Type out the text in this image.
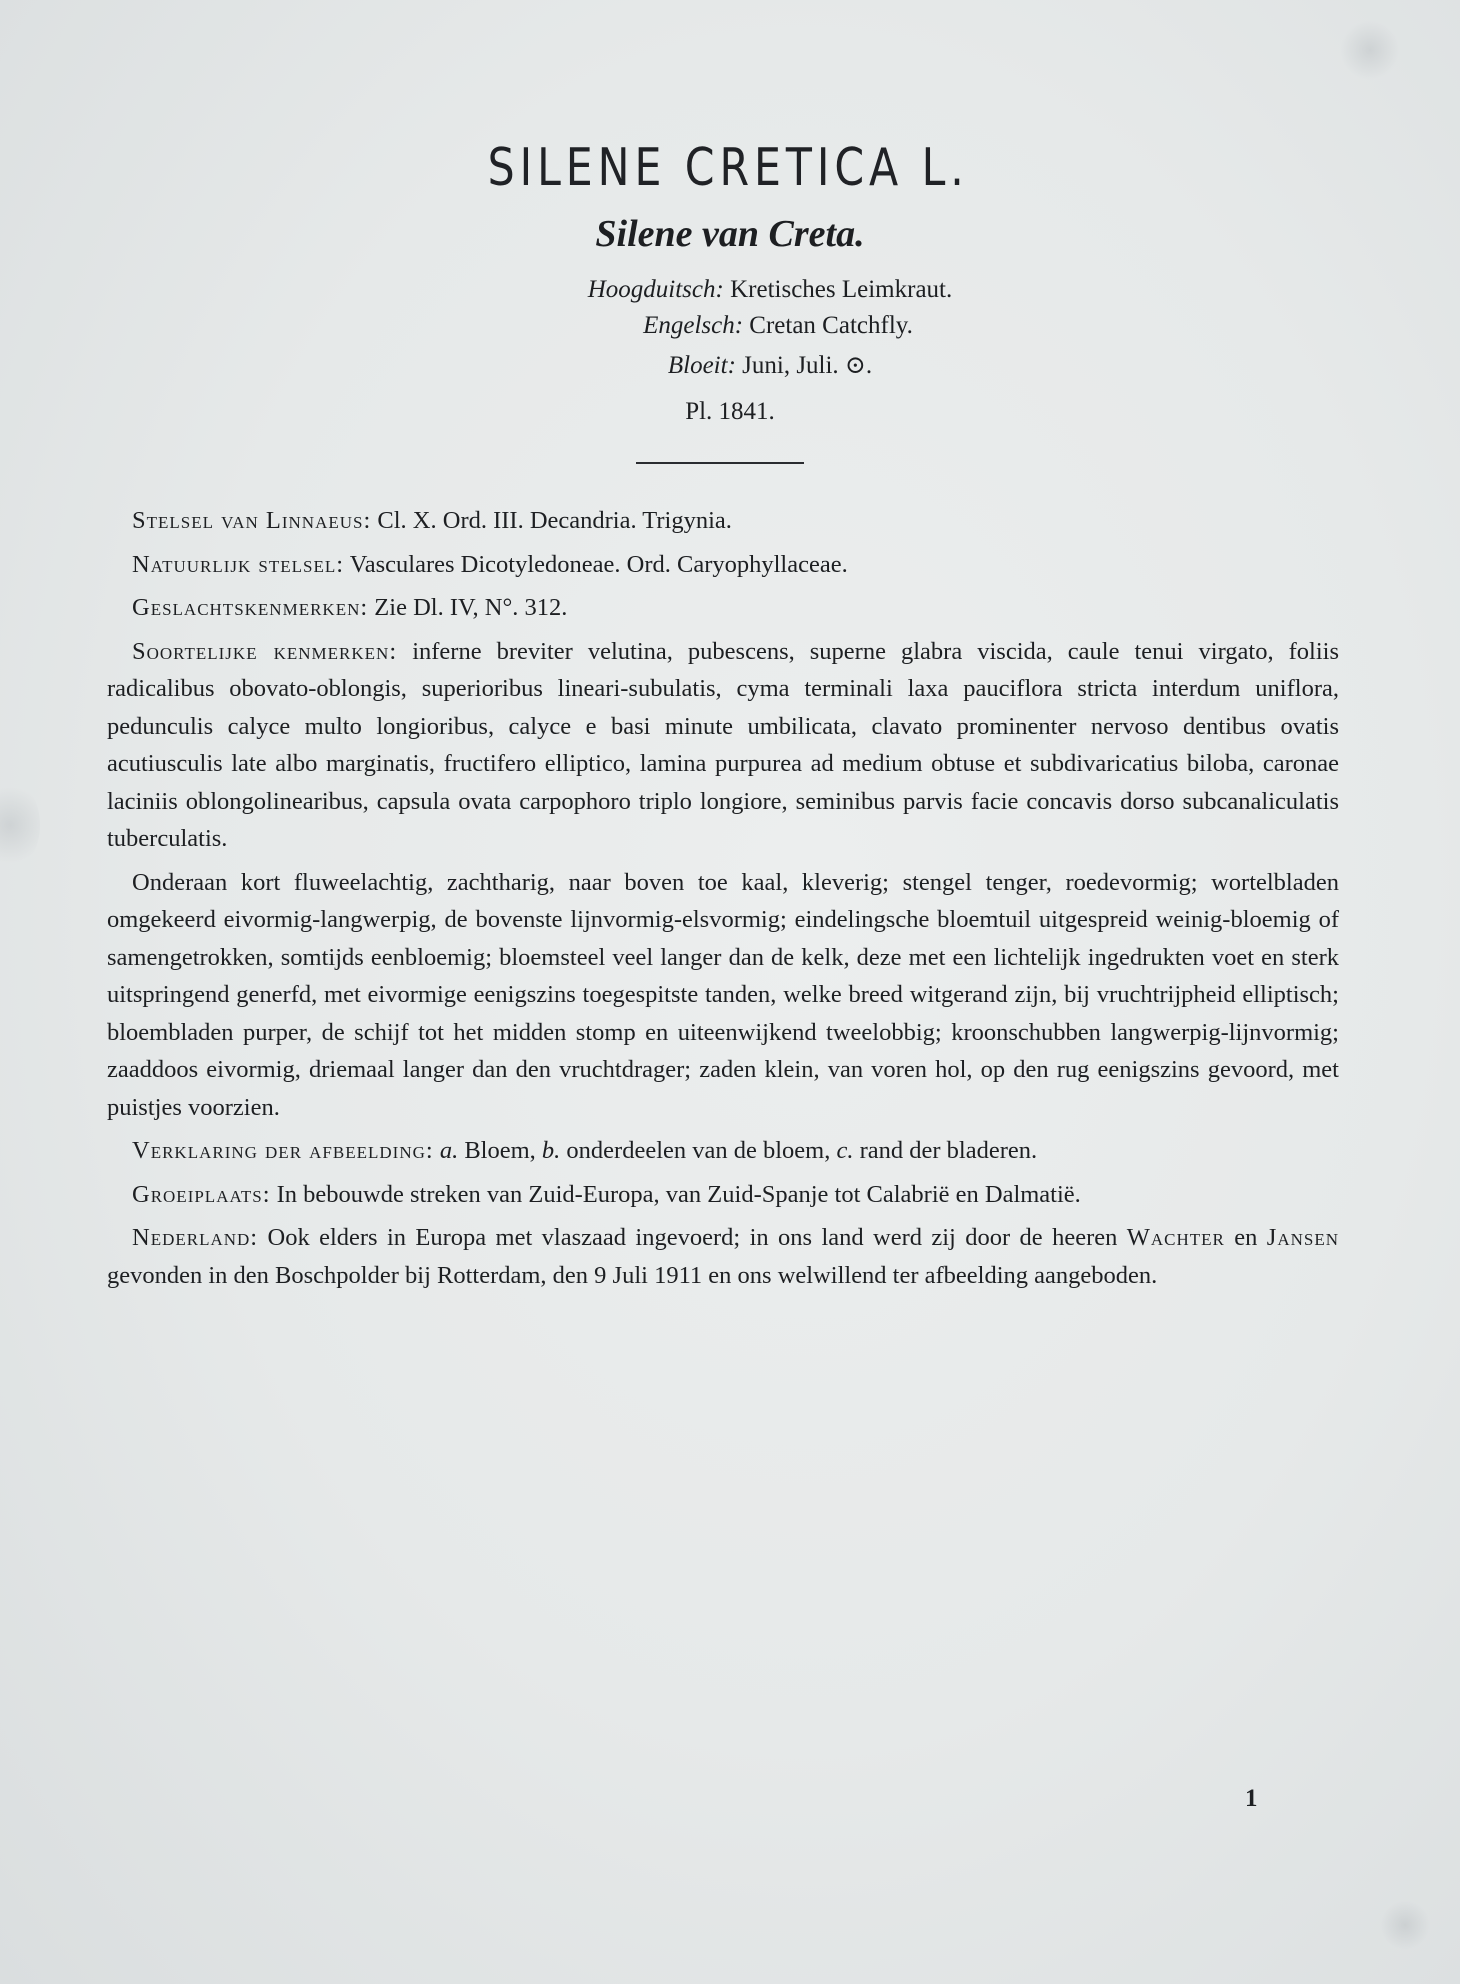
SILENE CRETICA L.
Silene van Creta.
Hoogduitsch: Kretisches Leimkraut.
Engelsch: Cretan Catchfly.
Bloeit: Juni, Juli. ⊙.
Pl. 1841.

Stelsel van Linnaeus: Cl. X. Ord. III. Decandria. Trigynia.

Natuurlijk stelsel: Vasculares Dicotyledoneae. Ord. Caryophyllaceae.

Geslachtskenmerken: Zie Dl. IV, N°. 312.

Soortelijke kenmerken: inferne breviter velutina, pubescens, superne glabra viscida, caule tenui virgato, foliis radicalibus obovato-oblongis, superioribus lineari-subulatis, cyma terminali laxa pauciflora stricta interdum uniflora, pedunculis calyce multo longioribus, calyce e basi minute umbilicata, clavato prominenter nervoso dentibus ovatis acutiusculis late albo marginatis, fructifero elliptico, lamina purpurea ad medium obtuse et subdivaricatius biloba, caronae laciniis oblongolinearibus, capsula ovata carpophoro triplo longiore, seminibus parvis facie concavis dorso subcanaliculatis tuberculatis.

Onderaan kort fluweelachtig, zachtharig, naar boven toe kaal, kleverig; stengel tenger, roedevormig; wortelbladen omgekeerd eivormig-langwerpig, de bovenste lijnvormig-elsvormig; eindelingsche bloemtuil uitgespreid weinig-bloemig of samengetrokken, somtijds eenbloemig; bloemsteel veel langer dan de kelk, deze met een lichtelijk ingedrukten voet en sterk uitspringend generfd, met eivormige eenigszins toegespitste tanden, welke breed witgerand zijn, bij vruchtrijpheid elliptisch; bloembladen purper, de schijf tot het midden stomp en uiteenwijkend tweelobbig; kroonschubben langwerpig-lijnvormig; zaaddoos eivormig, driemaal langer dan den vruchtdrager; zaden klein, van voren hol, op den rug eenigszins gevoord, met puistjes voorzien.

Verklaring der afbeelding: a. Bloem, b. onderdeelen van de bloem, c. rand der bladeren.

Groeiplaats: In bebouwde streken van Zuid-Europa, van Zuid-Spanje tot Calabrië en Dalmatië.

Nederland: Ook elders in Europa met vlaszaad ingevoerd; in ons land werd zij door de heeren Wachter en Jansen gevonden in den Boschpolder bij Rotterdam, den 9 Juli 1911 en ons welwillend ter afbeelding aangeboden.

1
